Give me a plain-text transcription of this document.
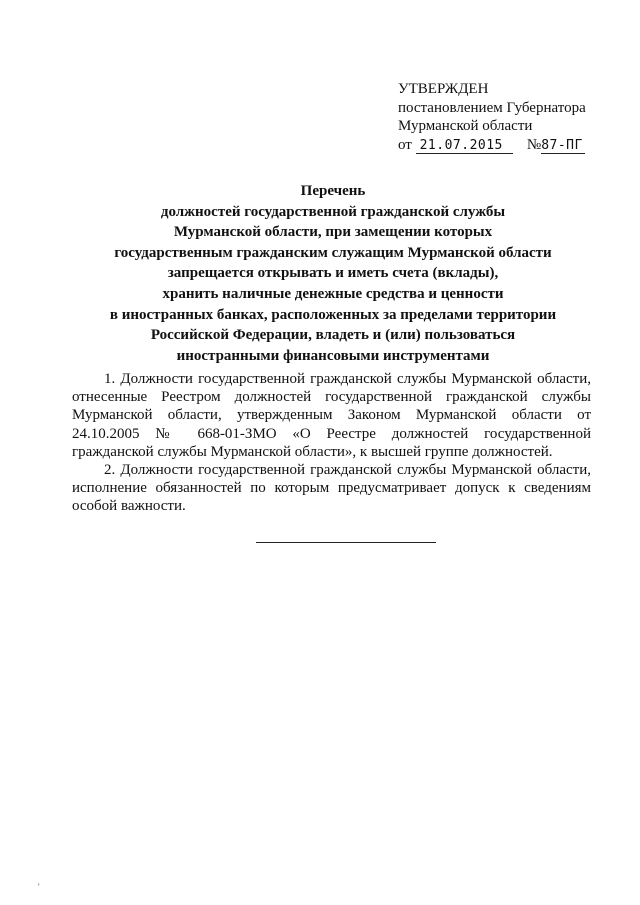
УТВЕРЖДЕН
постановлением Губернатора
Мурманской области
от 21.07.2015 №87-ПГ
Перечень
должностей государственной гражданской службы
Мурманской области, при замещении которых
государственным гражданским служащим Мурманской области
запрещается открывать и иметь счета (вклады),
хранить наличные денежные средства и ценности
в иностранных банках, расположенных за пределами территории
Российской Федерации, владеть и (или) пользоваться
иностранными финансовыми инструментами

1. Должности государственной гражданской службы Мурманской области, отнесенные Реестром должностей государственной гражданской службы Мурманской области, утвержденным Законом Мурманской области от 24.10.2005 № 668-01-ЗМО «О Реестре должностей государственной гражданской службы Мурманской области», к высшей группе должностей.

2. Должности государственной гражданской службы Мурманской области, исполнение обязанностей по которым предусматривает допуск к сведениям особой важности.

'
